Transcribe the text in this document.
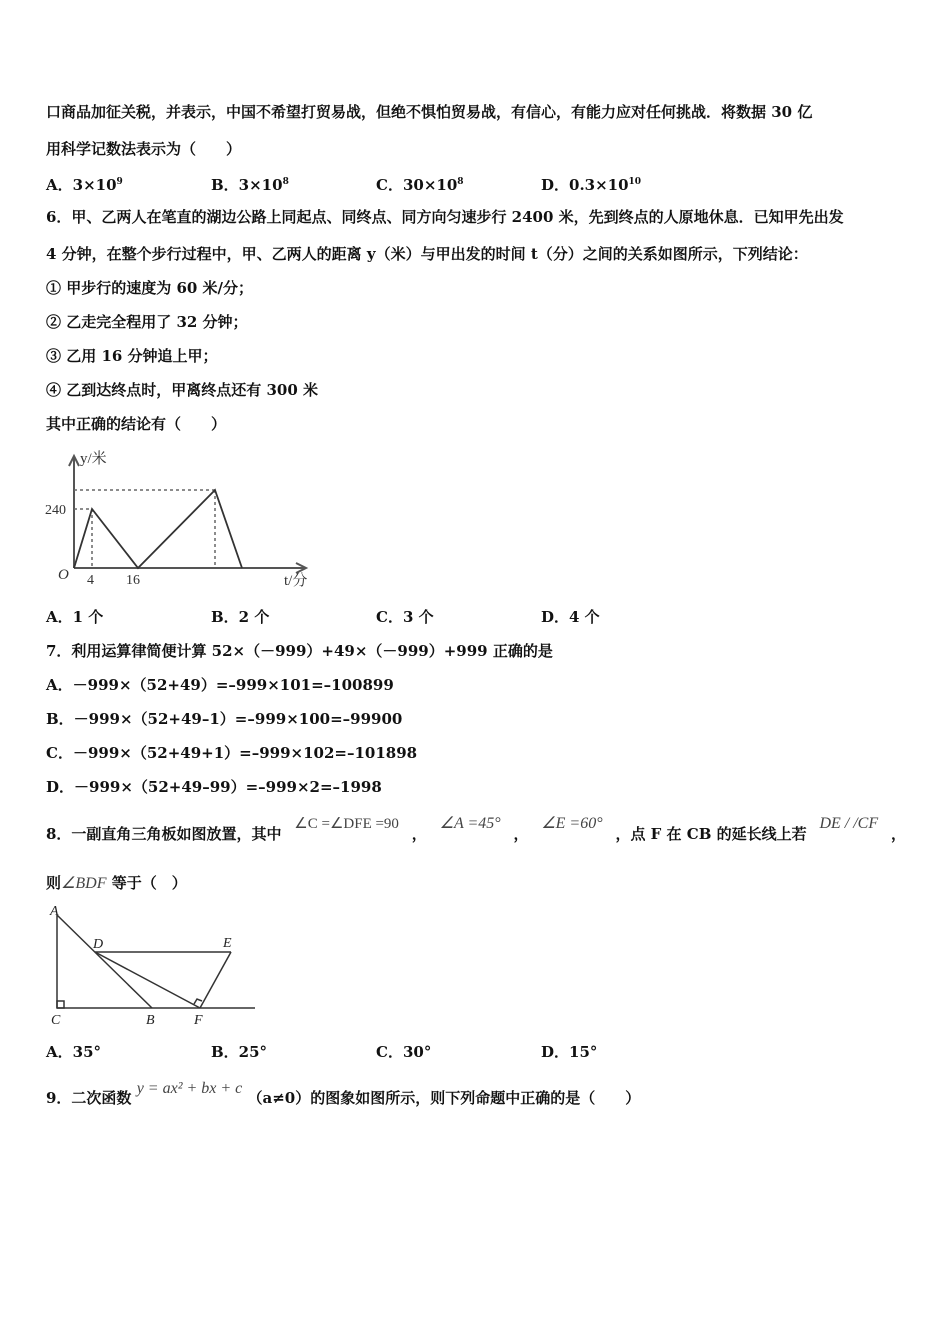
口商品加征关税，并表示，中国不希望打贸易战，但绝不惧怕贸易战，有信心，有能力应对任何挑战．将数据 30 亿
用科学记数法表示为（　　）
A．$3\times 10^9$	B．$3\times 10^8$	C．$30\times 10^8$	D．$0.3\times 10^{10}$
6．甲、乙两人在笔直的湖边公路上同起点、同终点、同方向匀速步行 2400 米，先到终点的人原地休息．已知甲先出发
4 分钟，在整个步行过程中，甲、乙两人的距离 y（米）与甲出发的时间 t（分）之间的关系如图所示，下列结论：
① 甲步行的速度为 60 米/分；
② 乙走完全程用了 32 分钟；
③ 乙用 16 分钟追上甲；
④ 乙到达终点时，甲离终点还有 300 米
其中正确的结论有（　　）
y/米
t/分
O
240
4 16
A．1 个	B．2 个	C．3 个	D．4 个
7．利用运算律简便计算 52×（－999）+49×（－999）+999 正确的是
A．－999×（52+49）=–999×101=–100899
B．－999×（52+49–1）=–999×100=–99900
C．－999×（52+49+1）=–999×102=–101898
D．－999×（52+49–99）=–999×2=–1998
8．一副直角三角板如图放置，其中
∠C =∠DFE =90
，
∠A =45°
，
∠E =60°
，点 F 在 CB 的延长线上若
DE / /CF
，
则∠BDF 等于（　）
A
D	E
C	B	F
A．35°	B．25°	C．30°	D．15°
9．二次函数 y = ax² + bx + c （a≠0）的图象如图所示，则下列命题中正确的是（　　）
